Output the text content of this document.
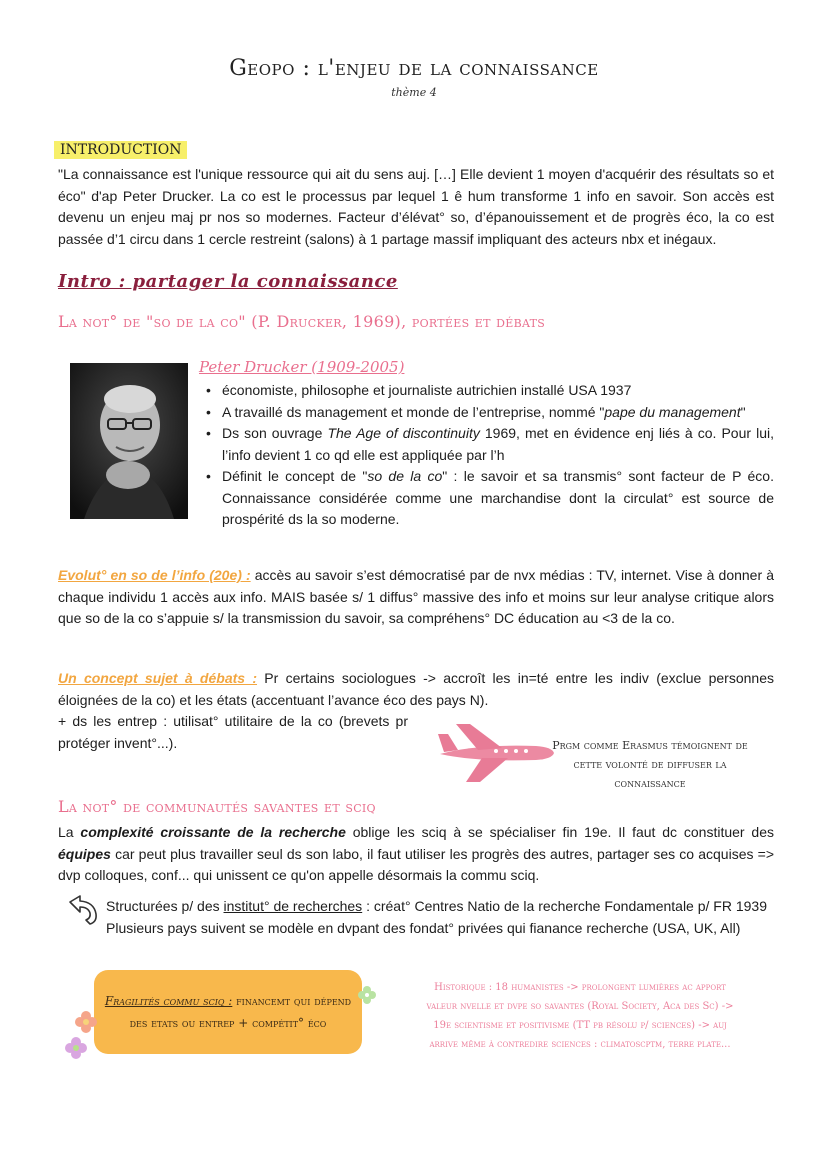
Geopo : l'enjeu de la connaissance
thème 4
INTRODUCTION

"La connaissance est l'unique ressource qui ait du sens auj. […] Elle devient 1 moyen d'acquérir des résultats so et éco" d'ap Peter Drucker. La co est le processus par lequel 1 ê hum transforme 1 info en savoir. Son accès est devenu un enjeu maj pr nos so modernes. Facteur d’élévat° so, d’épanouissement et de progrès éco, la co est passée d’1 circu dans 1 cercle restreint (salons) à 1 partage massif impliquant des acteurs nbx et inégaux.

Intro : partager la connaissance
La not° de "so de la co" (P. Drucker, 1969), portées et débats
Peter Drucker (1909-2005)
• économiste, philosophe et journaliste autrichien installé USA 1937
• A travaillé ds management et monde de l’entreprise, nommé "pape du management"
• Ds son ouvrage The Age of discontinuity 1969, met en évidence enj liés à co. Pour lui, l’info devient 1 co qd elle est appliquée par l’h
• Définit le concept de "so de la co" : le savoir et sa transmis° sont facteur de P éco. Connaissance considérée comme une marchandise dont la circulat° est source de prospérité ds la so moderne.

Evolut° en so de l’info (20e) : accès au savoir s’est démocratisé par de nvx médias : TV, internet. Vise à donner à chaque individu 1 accès aux info. MAIS basée s/ 1 diffus° massive des info et moins sur leur analyse critique alors que so de la co s’appuie s/ la transmission du savoir, sa compréhens° DC éducation au <3 de la co.

Un concept sujet à débats : Pr certains sociologues -> accroît les in=té entre les indiv (exclue personnes éloignées de la co) et les états (accentuant l’avance éco des pays N).

+ ds les entrep : utilisat° utilitaire de la co (brevets pr protéger invent°...).	Prgm comme Erasmus témoignent de cette volonté de diffuser la connaissance
La not° de communautés savantes et sciq

La complexité croissante de la recherche oblige les sciq à se spécialiser fin 19e. Il faut dc constituer des équipes car peut plus travailler seul ds son labo, il faut utiliser les progrès des autres, partager ses co acquises => dvp colloques, conf... qui unissent ce qu'on appelle désormais la commu sciq.

Structurées p/ des institut° de recherches : créat° Centres Natio de la recherche Fondamentale p/ FR 1939
Plusieurs pays suivent se modèle en dvpant des fondat° privées qui fianance recherche (USA, UK, All)

Fragilités commu sciq : financemt qui dépend des etats ou entrep + compétit° éco
Historique : 18 humanistes -> prolongent lumières ac apport valeur nvelle et dvpe so savantes (Royal Society, Aca des Sc) -> 19e scientisme et positivisme (TT pb résolu p/ sciences) -> auj arrive même à contredire sciences : climatoscptm, terre plate...
